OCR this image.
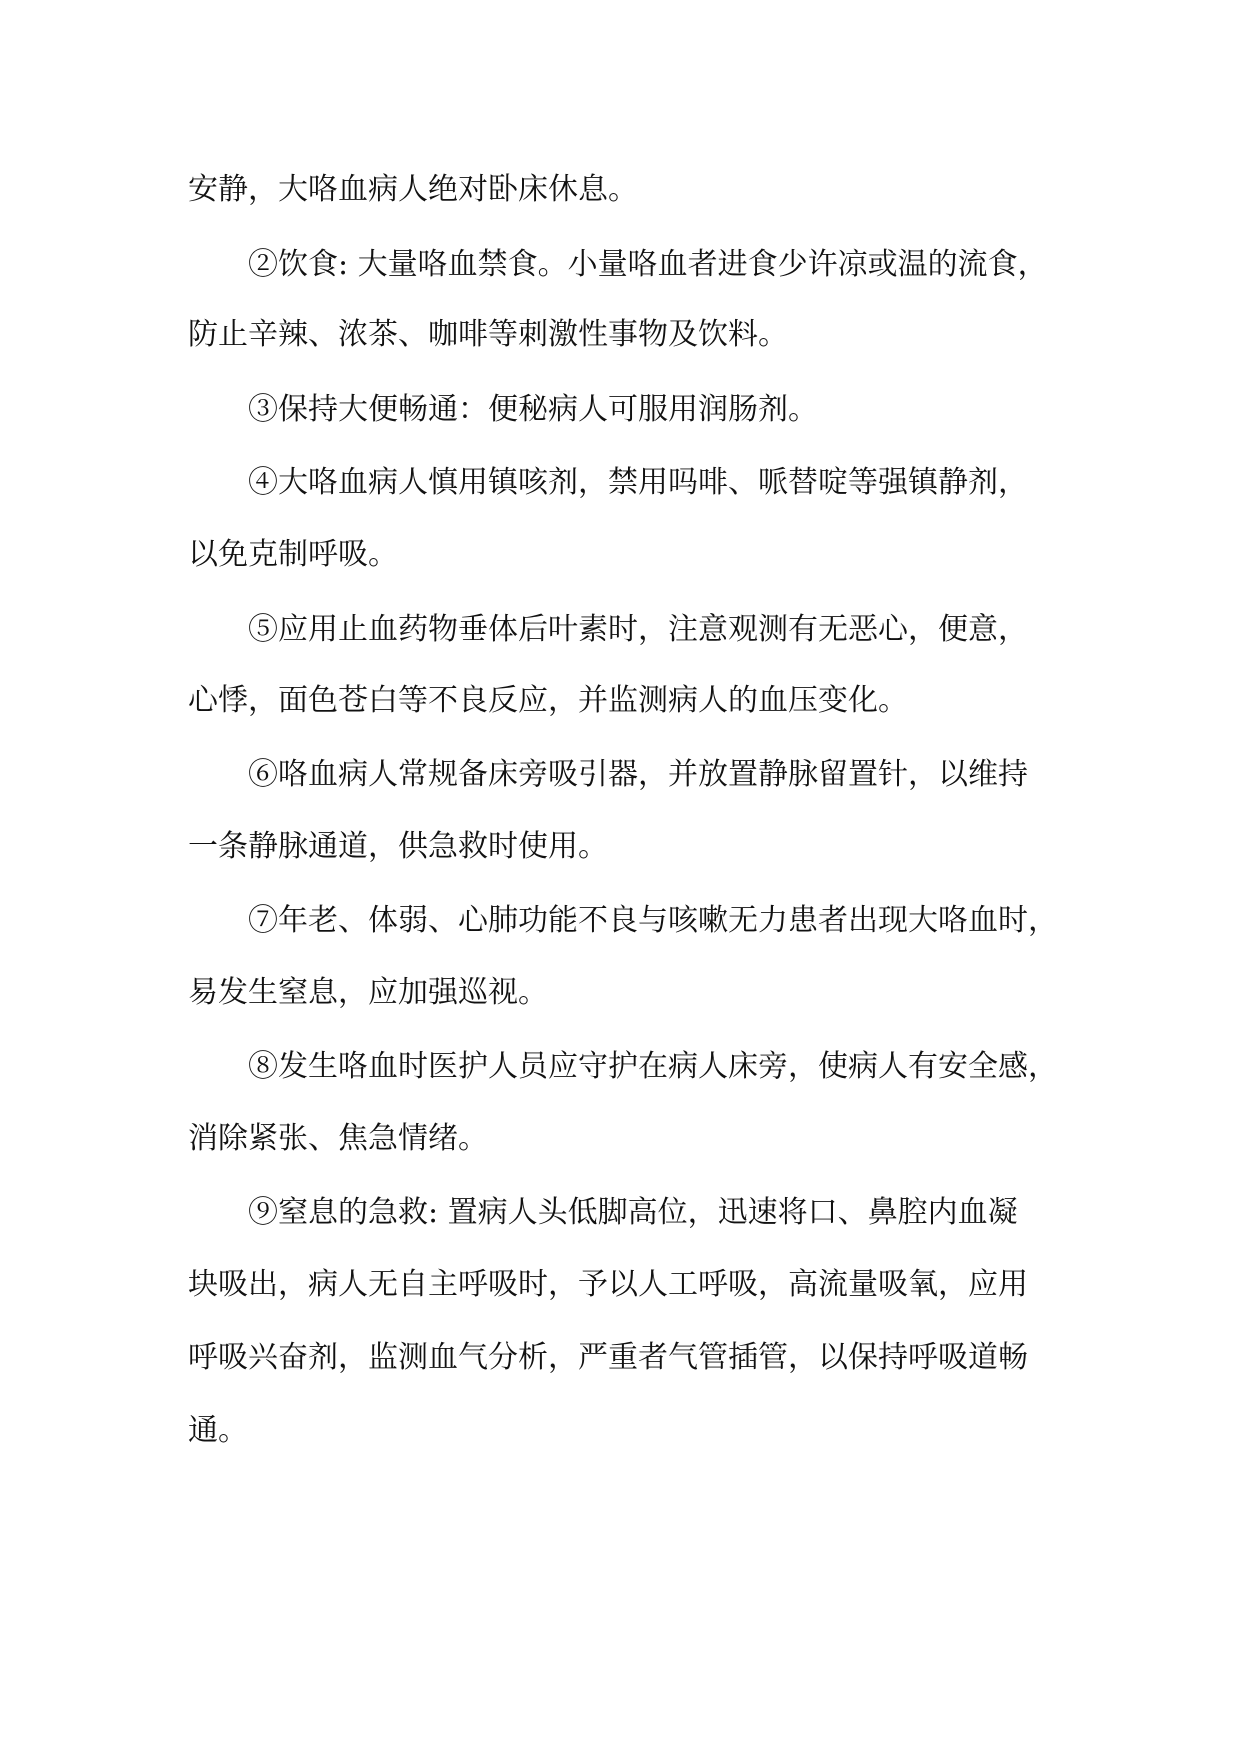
安静，大咯血病人绝对卧床休息。

②饮食: 大量咯血禁食。小量咯血者进食少许凉或温的流食，

防止辛辣、浓茶、咖啡等刺激性事物及饮料。

③保持大便畅通：便秘病人可服用润肠剂。

④大咯血病人慎用镇咳剂，禁用吗啡、哌替啶等强镇静剂，

以免克制呼吸。

⑤应用止血药物垂体后叶素时，注意观测有无恶心，便意，

心悸，面色苍白等不良反应，并监测病人的血压变化。

⑥咯血病人常规备床旁吸引器，并放置静脉留置针，以维持

一条静脉通道，供急救时使用。

⑦年老、体弱、心肺功能不良与咳嗽无力患者出现大咯血时，

易发生窒息，应加强巡视。

⑧发生咯血时医护人员应守护在病人床旁，使病人有安全感，

消除紧张、焦急情绪。

⑨窒息的急救: 置病人头低脚高位，迅速将口、鼻腔内血凝

块吸出，病人无自主呼吸时，予以人工呼吸，高流量吸氧，应用

呼吸兴奋剂，监测血气分析，严重者气管插管，以保持呼吸道畅

通。
